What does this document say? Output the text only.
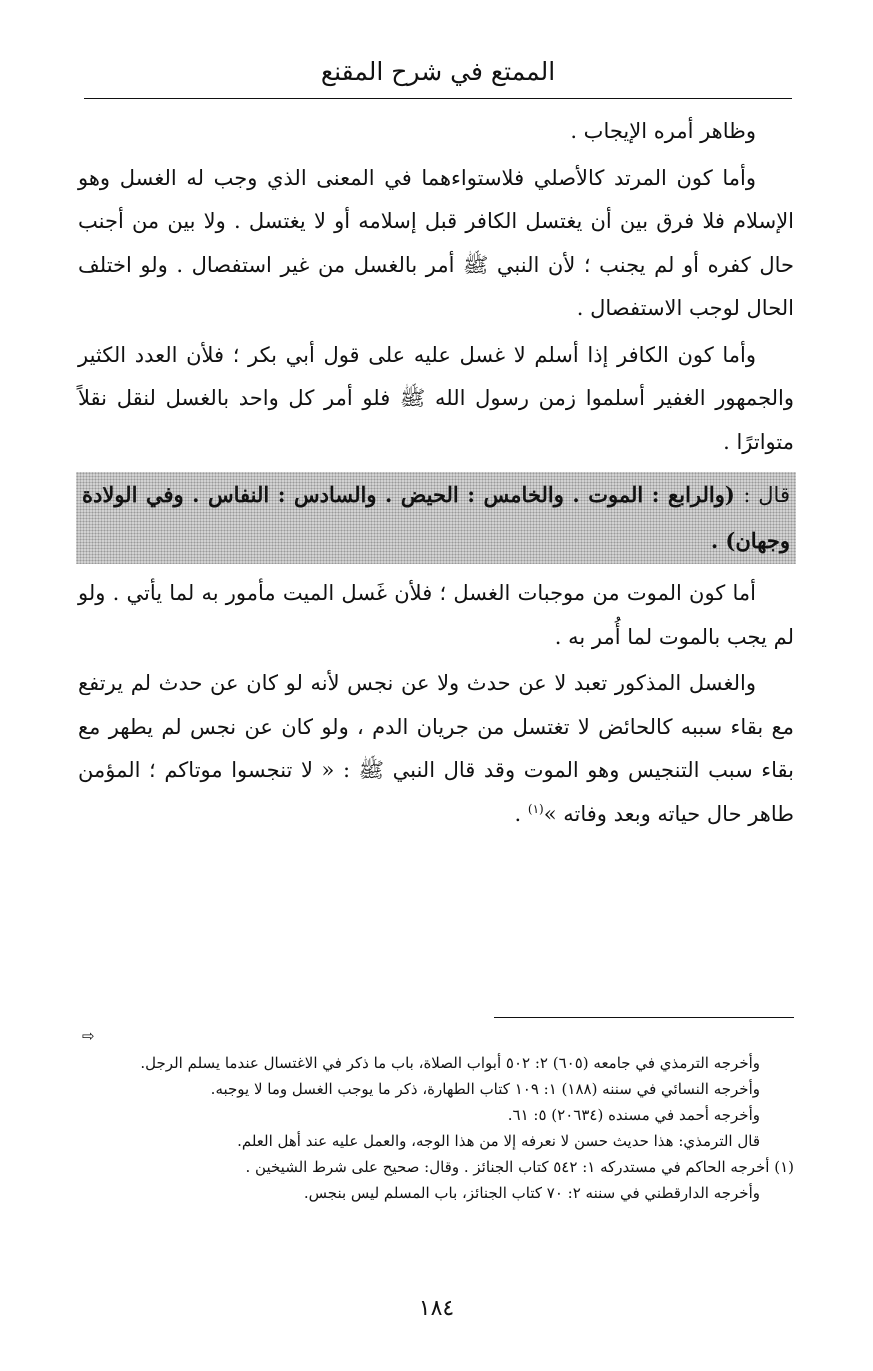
الممتع في شرح المقنع

وظاهر أمره الإيجاب .

وأما كون المرتد كالأصلي فلاستواءهما في المعنى الذي وجب له الغسل وهو الإسلام فلا فرق بين أن يغتسل الكافر قبل إسلامه أو لا يغتسل . ولا بين من أجنب حال كفره أو لم يجنب ؛ لأن النبي ﷺ أمر بالغسل من غير استفصال . ولو اختلف الحال لوجب الاستفصال .

وأما كون الكافر إذا أسلم لا غسل عليه على قول أبي بكر ؛ فلأن العدد الكثير والجمهور الغفير أسلموا زمن رسول الله ﷺ فلو أمر كل واحد بالغسل لنقل نقلاً متواترًا .

قال : (والرابع : الموت . والخامس : الحيض . والسادس : النفاس . وفي الولادة وجهان) .

أما كون الموت من موجبات الغسل ؛ فلأن غَسل الميت مأمور به لما يأتي . ولو لم يجب بالموت لما أُمر به .

والغسل المذكور تعبد لا عن حدث ولا عن نجس لأنه لو كان عن حدث لم يرتفع مع بقاء سببه كالحائض لا تغتسل من جريان الدم ، ولو كان عن نجس لم يطهر مع بقاء سبب التنجيس وهو الموت وقد قال النبي ﷺ : « لا تنجسوا موتاكم ؛ المؤمن طاهر حال حياته وبعد وفاته »$^{(١)}$ .

⇨

وأخرجه الترمذي في جامعه (٦٠٥) ٢: ٥٠٢ أبواب الصلاة، باب ما ذكر في الاغتسال عندما يسلم الرجل.

وأخرجه النسائي في سننه (١٨٨) ١: ١٠٩ كتاب الطهارة، ذكر ما يوجب الغسل وما لا يوجبه.

وأخرجه أحمد في مسنده (٢٠٦٣٤) ٥: ٦١.

قال الترمذي: هذا حديث حسن لا نعرفه إلا من هذا الوجه، والعمل عليه عند أهل العلم.

(١) أخرجه الحاكم في مستدركه ١: ٥٤٢ كتاب الجنائز . وقال: صحيح على شرط الشيخين .

وأخرجه الدارقطني في سننه ٢: ٧٠ كتاب الجنائز، باب المسلم ليس بنجس.

١٨٤
